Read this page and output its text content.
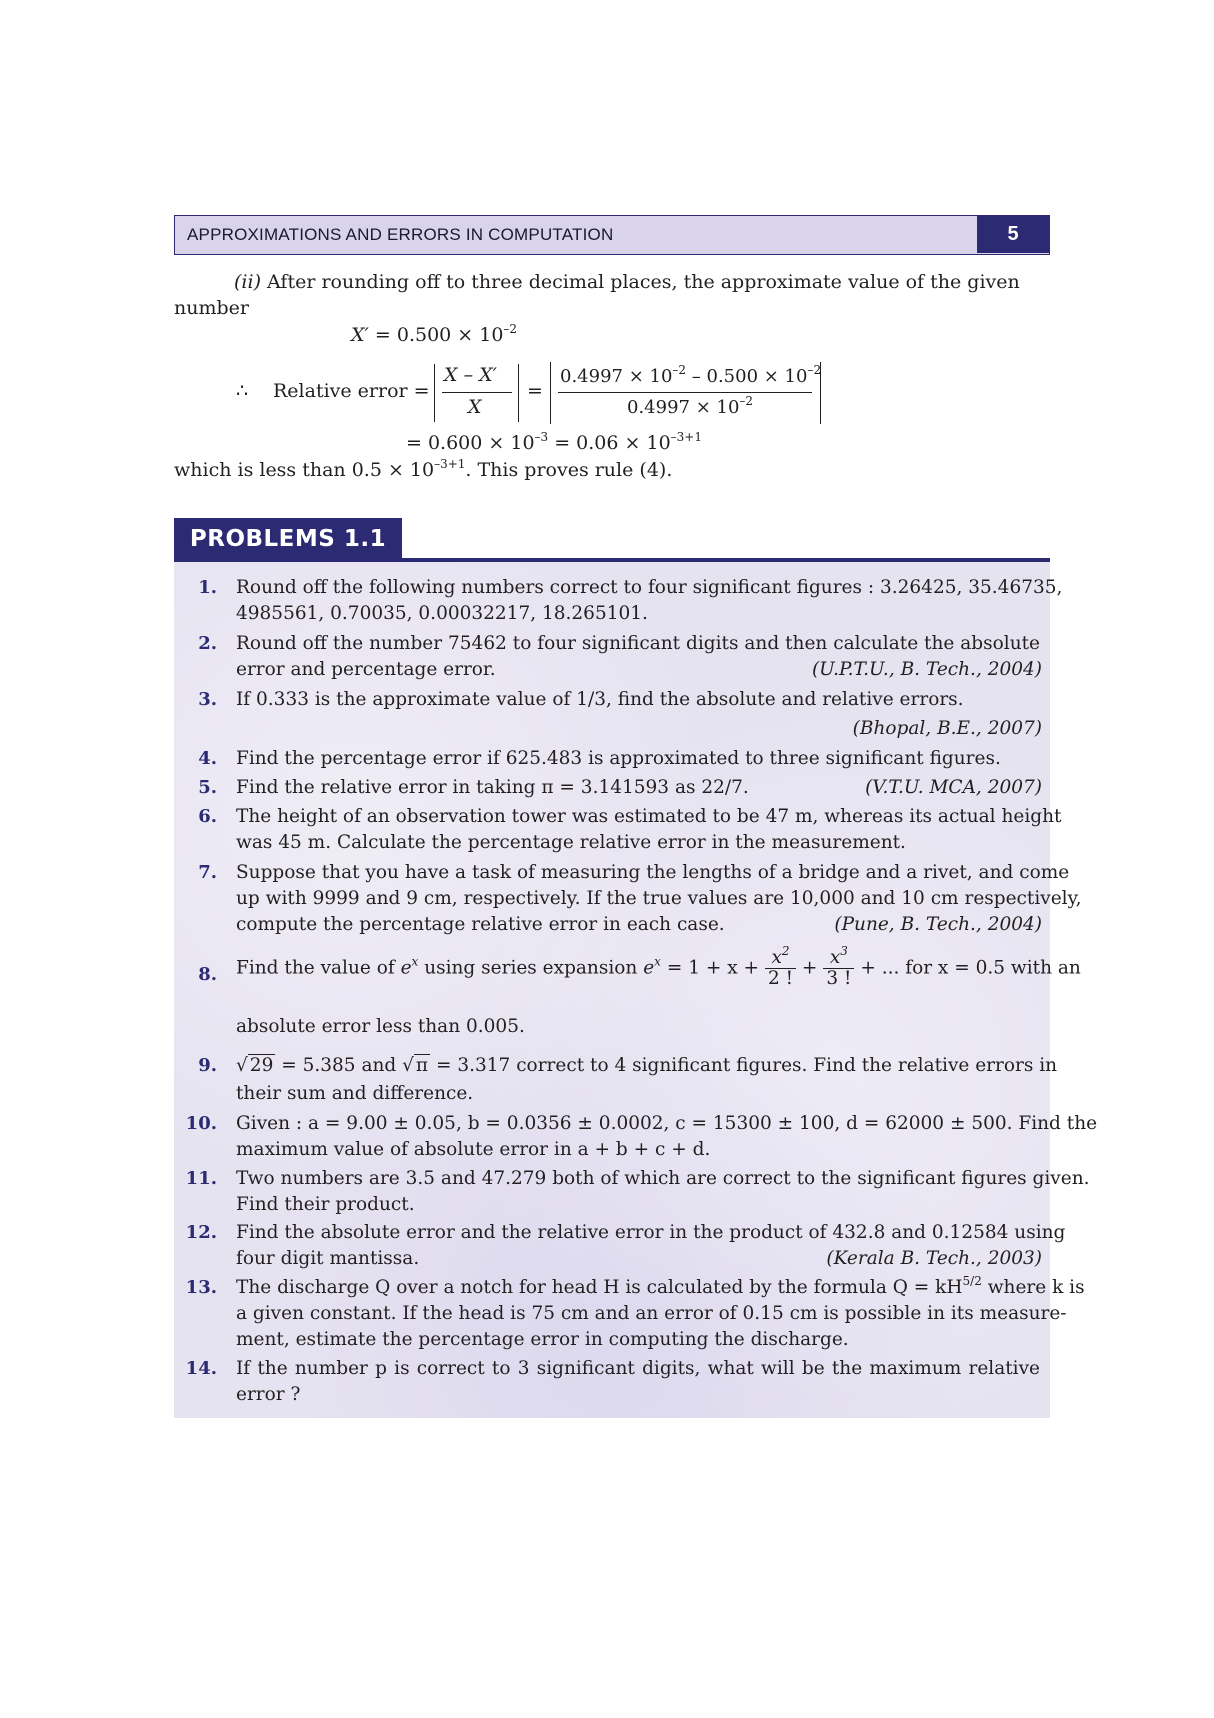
APPROXIMATIONS AND ERRORS IN COMPUTATION	5
(ii) After rounding off to three decimal places, the approximate value of the given
number
$X' = 0.500 \times 10^{-2}$
∴ Relative error =
X – X′
X
=
$0.4997 \times 10^{-2} - 0.500 \times 10^{-2}$
$0.4997 \times 10^{-2}$
= $0.600 \times 10^{-3} = 0.06 \times 10^{-3+1}$
which is less than $0.5 \times 10^{-3+1}$. This proves rule (4).
PROBLEMS 1.1
1. Round off the following numbers correct to four significant figures : 3.26425, 35.46735,
4985561, 0.70035, 0.00032217, 18.265101.
2. Round off the number 75462 to four significant digits and then calculate the absolute
error and percentage error.	(U.P.T.U., B. Tech., 2004)
3. If 0.333 is the approximate value of 1/3, find the absolute and relative errors.
(Bhopal, B.E., 2007)
4. Find the percentage error if 625.483 is approximated to three significant figures.
5. Find the relative error in taking π = 3.141593 as 22/7.	(V.T.U. MCA, 2007)
6. The height of an observation tower was estimated to be 47 m, whereas its actual height
was 45 m. Calculate the percentage relative error in the measurement.
7. Suppose that you have a task of measuring the lengths of a bridge and a rivet, and come
up with 9999 and 9 cm, respectively. If the true values are 10,000 and 10 cm respectively,
compute the percentage relative error in each case.	(Pune, B. Tech., 2004)
8. Find the value of $e^x$ using series expansion $e^x = 1 + x + \frac{x^2}{2 !} + \frac{x^3}{3 !}$ + ... for x = 0.5 with an
absolute error less than 0.005.
9. √ 29 = 5.385 and √ π = 3.317 correct to 4 significant figures. Find the relative errors in
their sum and difference.
10. Given : a = 9.00 ± 0.05, b = 0.0356 ± 0.0002, c = 15300 ± 100, d = 62000 ± 500. Find the
maximum value of absolute error in a + b + c + d.
11. Two numbers are 3.5 and 47.279 both of which are correct to the significant figures given.
Find their product.
12. Find the absolute error and the relative error in the product of 432.8 and 0.12584 using
four digit mantissa.	(Kerala B. Tech., 2003)
13. The discharge Q over a notch for head H is calculated by the formula $Q = kH^{5/2}$ where k is
a given constant. If the head is 75 cm and an error of 0.15 cm is possible in its measure-
ment, estimate the percentage error in computing the discharge.
14. If the number p is correct to 3 significant digits, what will be the maximum relative
error ?
